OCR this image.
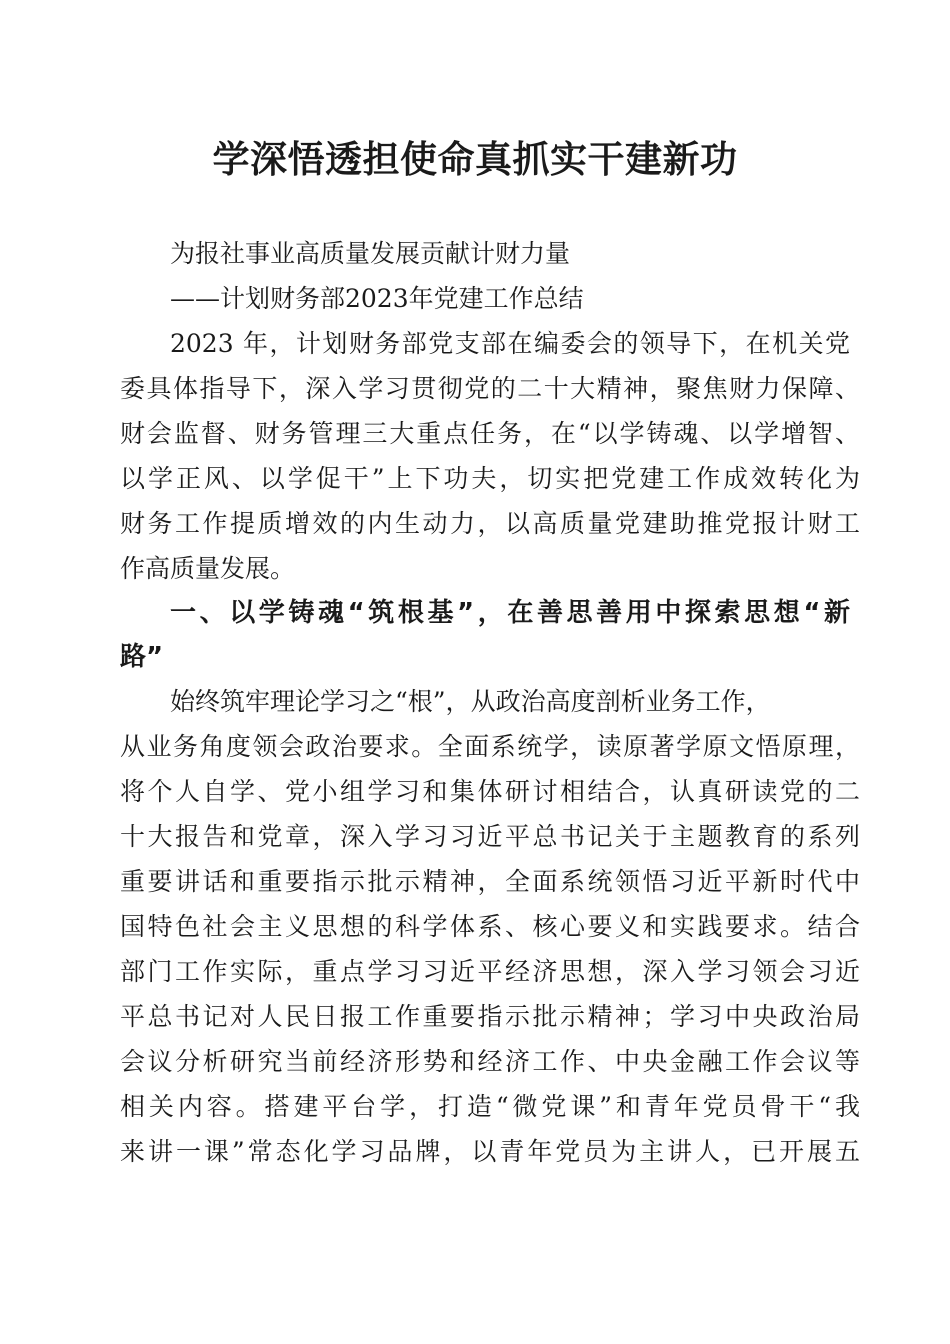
学深悟透担使命真抓实干建新功

为报社事业高质量发展贡献计财力量

——计划财务部2023年党建工作总结

2023 年，计划财务部党支部在编委会的领导下，在机关党

委具体指导下，深入学习贯彻党的二十大精神，聚焦财力保障、

财会监督、财务管理三大重点任务，在“以学铸魂、以学增智、

以学正风、以学促干”上下功夫，切实把党建工作成效转化为

财务工作提质增效的内生动力，以高质量党建助推党报计财工

作高质量发展。

一、以学铸魂“筑根基”，在善思善用中探索思想“新

路”

始终筑牢理论学习之“根”，从政治高度剖析业务工作，

从业务角度领会政治要求。全面系统学，读原著学原文悟原理，

将个人自学、党小组学习和集体研讨相结合，认真研读党的二

十大报告和党章，深入学习习近平总书记关于主题教育的系列

重要讲话和重要指示批示精神，全面系统领悟习近平新时代中

国特色社会主义思想的科学体系、核心要义和实践要求。结合

部门工作实际，重点学习习近平经济思想，深入学习领会习近

平总书记对人民日报工作重要指示批示精神；学习中央政治局

会议分析研究当前经济形势和经济工作、中央金融工作会议等

相关内容。搭建平台学，打造“微党课”和青年党员骨干“我

来讲一课”常态化学习品牌，以青年党员为主讲人，已开展五
